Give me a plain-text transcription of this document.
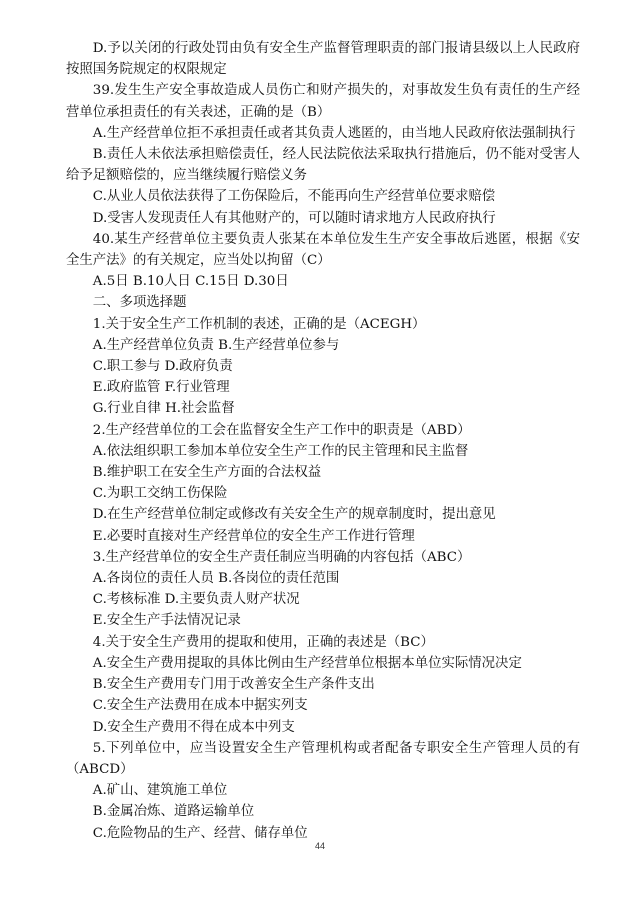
D.予以关闭的行政处罚由负有安全生产监督管理职责的部门报请县级以上人民政府按照国务院规定的权限规定

39.发生生产安全事故造成人员伤亡和财产损失的，对事故发生负有责任的生产经营单位承担责任的有关表述，正确的是（B）

A.生产经营单位拒不承担责任或者其负责人逃匿的，由当地人民政府依法强制执行

B.责任人未依法承担赔偿责任，经人民法院依法采取执行措施后，仍不能对受害人给予足额赔偿的，应当继续履行赔偿义务

C.从业人员依法获得了工伤保险后，不能再向生产经营单位要求赔偿

D.受害人发现责任人有其他财产的，可以随时请求地方人民政府执行

40.某生产经营单位主要负责人张某在本单位发生生产安全事故后逃匿，根据《安全生产法》的有关规定，应当处以拘留（C）

A.5日 B.10人日 C.15日 D.30日

二、多项选择题

1.关于安全生产工作机制的表述，正确的是（ACEGH）

A.生产经营单位负责 B.生产经营单位参与

C.职工参与 D.政府负责

E.政府监管 F.行业管理

G.行业自律 H.社会监督

2.生产经营单位的工会在监督安全生产工作中的职责是（ABD）

A.依法组织职工参加本单位安全生产工作的民主管理和民主监督

B.维护职工在安全生产方面的合法权益

C.为职工交纳工伤保险

D.在生产经营单位制定或修改有关安全生产的规章制度时，提出意见

E.必要时直接对生产经营单位的安全生产工作进行管理

3.生产经营单位的安全生产责任制应当明确的内容包括（ABC）

A.各岗位的责任人员 B.各岗位的责任范围

C.考核标准 D.主要负责人财产状况

E.安全生产手法情况记录

4.关于安全生产费用的提取和使用，正确的表述是（BC）

A.安全生产费用提取的具体比例由生产经营单位根据本单位实际情况决定

B.安全生产费用专门用于改善安全生产条件支出

C.安全生产法费用在成本中据实列支

D.安全生产费用不得在成本中列支

5.下列单位中，应当设置安全生产管理机构或者配备专职安全生产管理人员的有（ABCD）

A.矿山、建筑施工单位

B.金属冶炼、道路运输单位

C.危险物品的生产、经营、储存单位

44
